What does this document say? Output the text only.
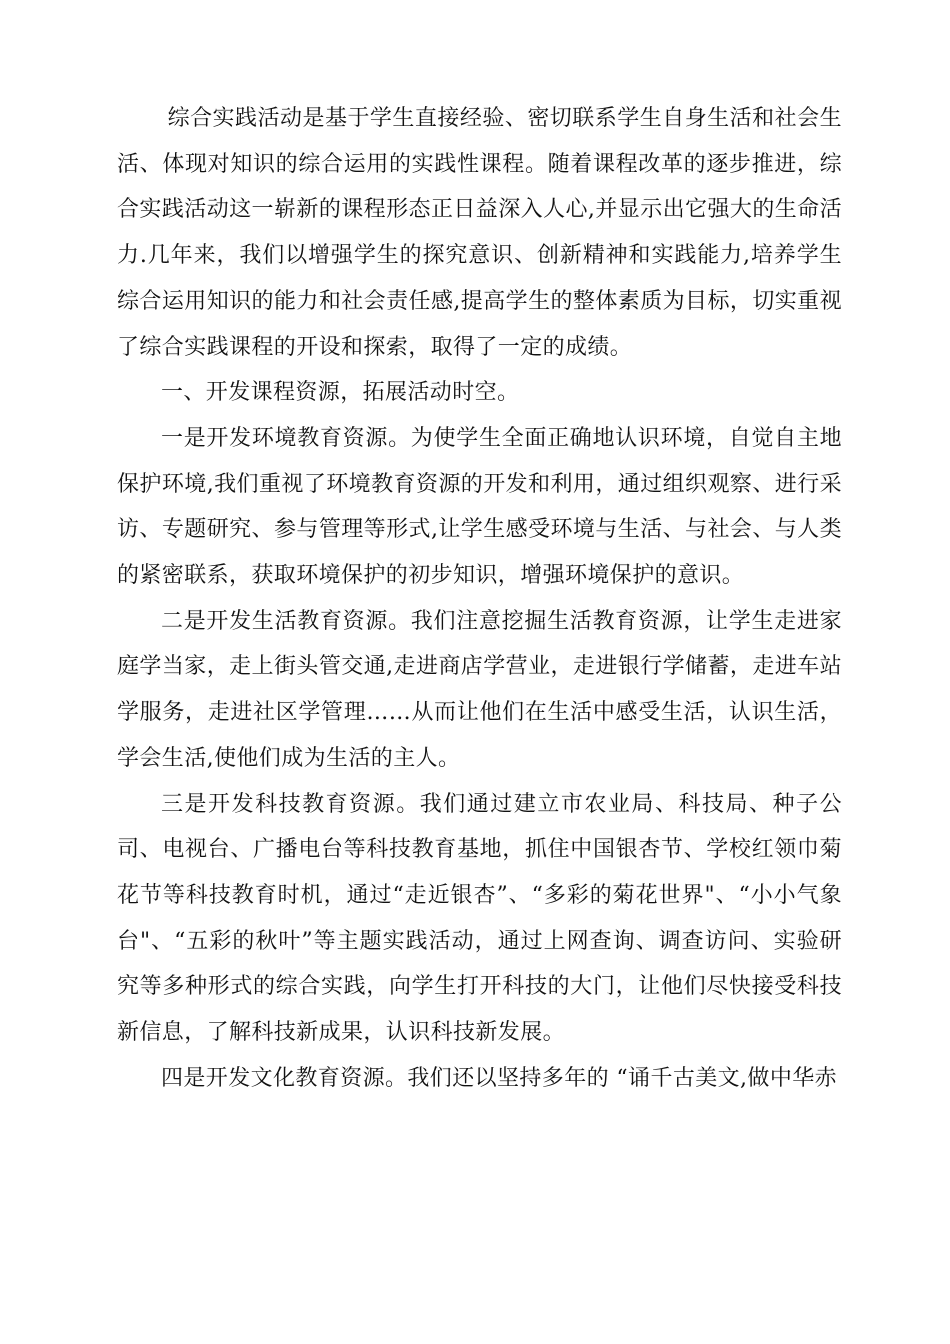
综合实践活动是基于学生直接经验、密切联系学生自身生活和社会生活、体现对知识的综合运用的实践性课程。随着课程改革的逐步推进，综合实践活动这一崭新的课程形态正日益深入人心,并显示出它强大的生命活力.几年来，我们以增强学生的探究意识、创新精神和实践能力,培养学生综合运用知识的能力和社会责任感,提高学生的整体素质为目标，切实重视了综合实践课程的开设和探索，取得了一定的成绩。

一、开发课程资源，拓展活动时空。

一是开发环境教育资源。为使学生全面正确地认识环境，自觉自主地保护环境,我们重视了环境教育资源的开发和利用，通过组织观察、进行采访、专题研究、参与管理等形式,让学生感受环境与生活、与社会、与人类的紧密联系，获取环境保护的初步知识，增强环境保护的意识。

二是开发生活教育资源。我们注意挖掘生活教育资源，让学生走进家庭学当家，走上街头管交通,走进商店学营业，走进银行学储蓄，走进车站学服务，走进社区学管理……从而让他们在生活中感受生活，认识生活，学会生活,使他们成为生活的主人。

三是开发科技教育资源。我们通过建立市农业局、科技局、种子公司、电视台、广播电台等科技教育基地，抓住中国银杏节、学校红领巾菊花节等科技教育时机，通过“走近银杏”、“多彩的菊花世界"、“小小气象台"、“五彩的秋叶”等主题实践活动，通过上网查询、调查访问、实验研究等多种形式的综合实践，向学生打开科技的大门，让他们尽快接受科技新信息，了解科技新成果，认识科技新发展。

四是开发文化教育资源。我们还以坚持多年的 “诵千古美文,做中华赤
